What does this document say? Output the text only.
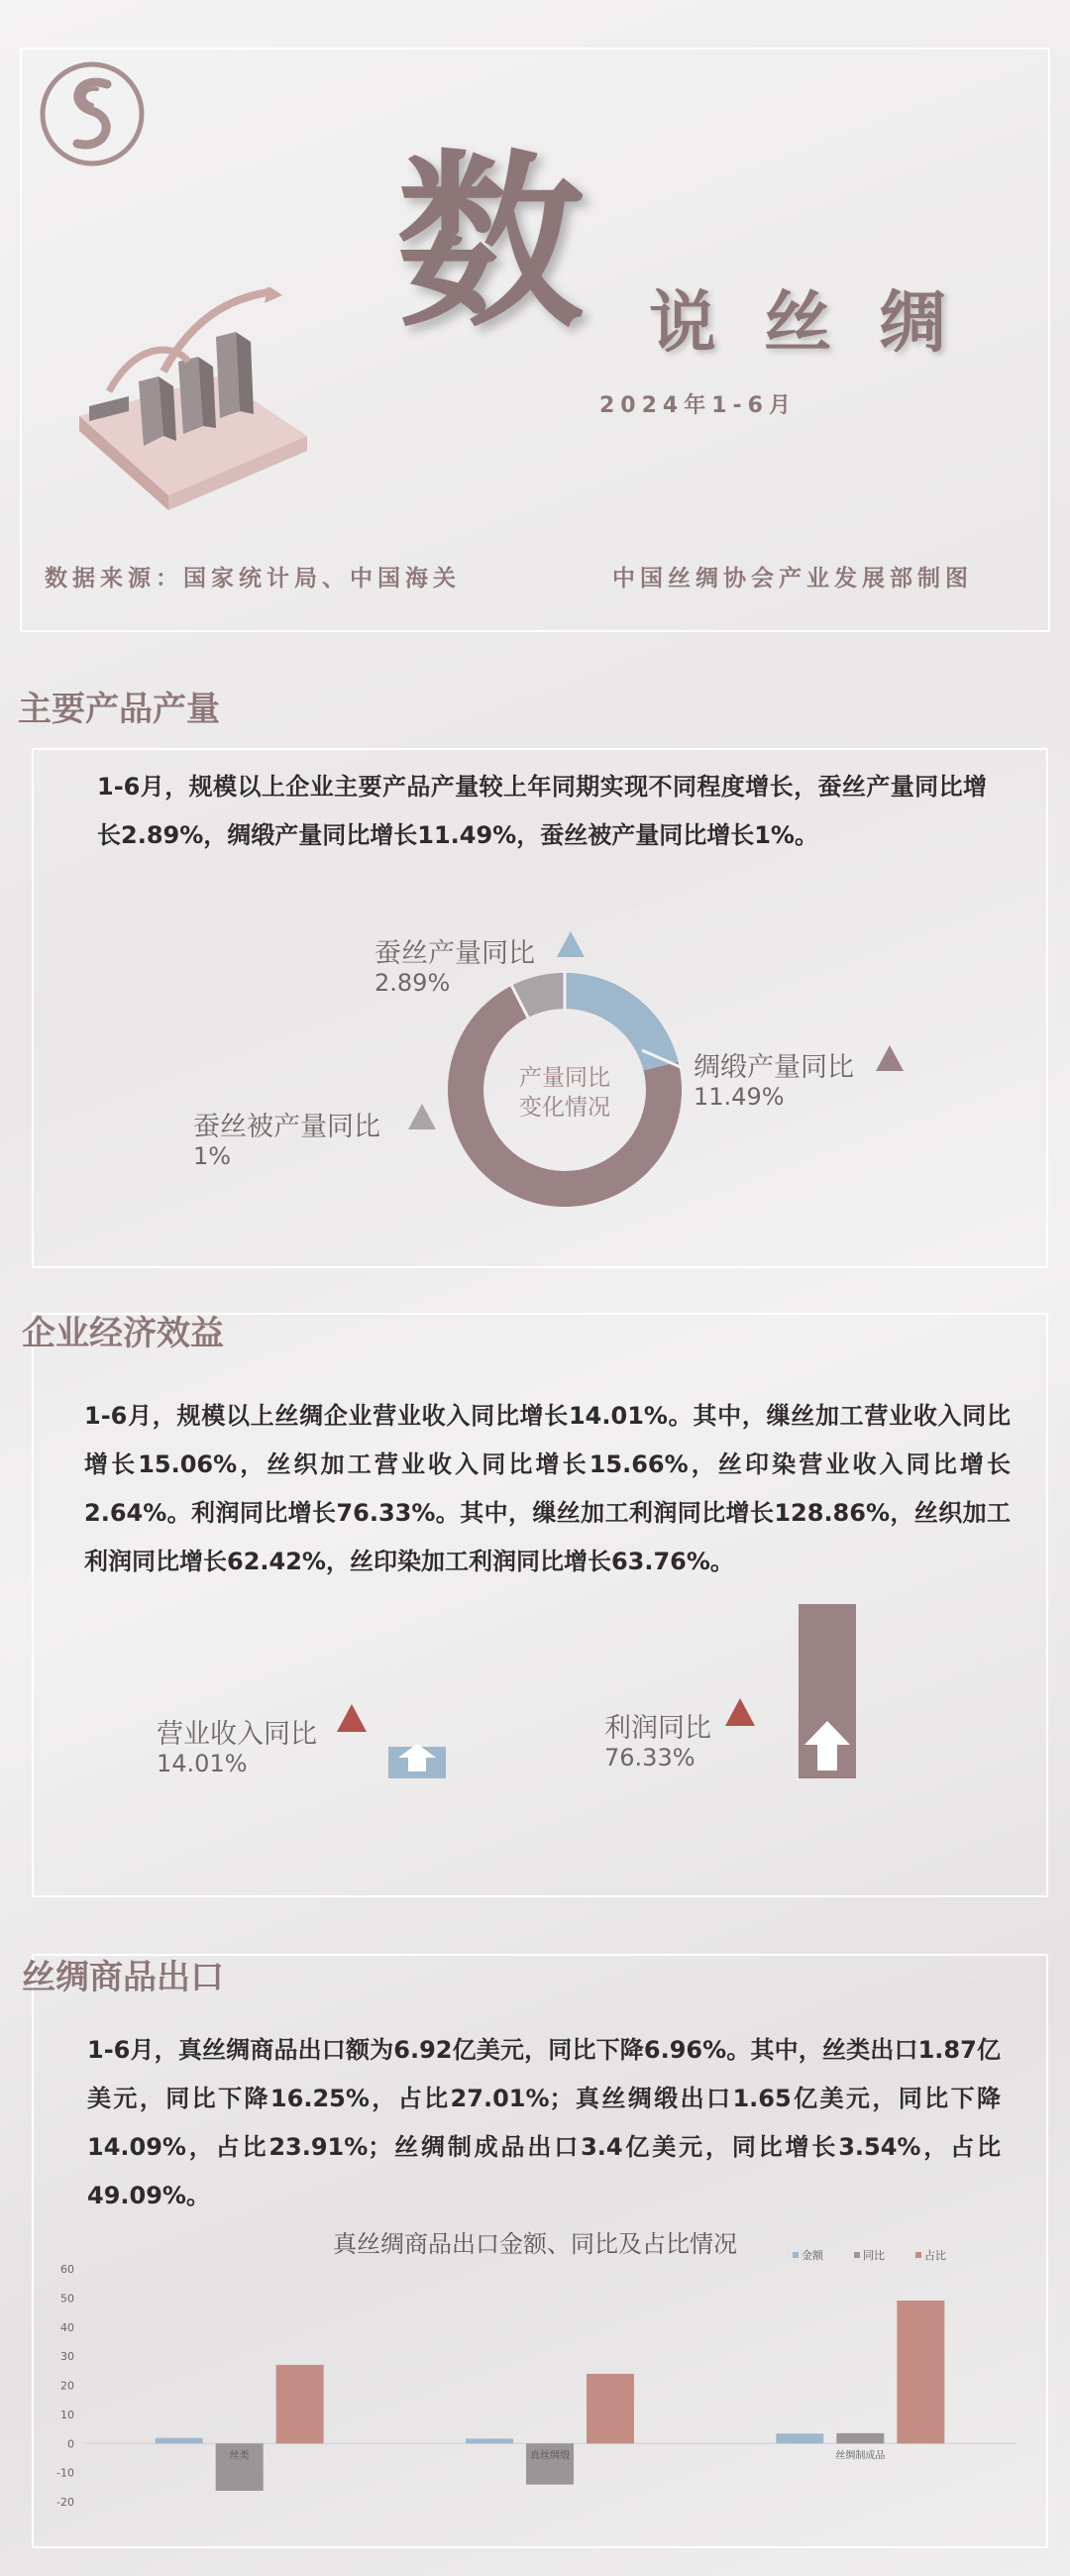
数 说丝绸
2024年1-6月
数据来源：国家统计局、中国海关	中国丝绸协会产业发展部制图
主要产品产量
1-6月，规模以上企业主要产品产量较上年同期实现不同程度增长，蚕丝产量同比增长2.89%，绸缎产量同比增长11.49%，蚕丝被产量同比增长1%。
产量同比
变化情况
蚕丝产量同比
2.89%
绸缎产量同比
11.49%
蚕丝被产量同比
1%
企业经济效益
1-6月，规模以上丝绸企业营业收入同比增长14.01%。其中，缫丝加工营业收入同比增长15.06%，丝织加工营业收入同比增长15.66%，丝印染营业收入同比增长2.64%。利润同比增长76.33%。其中，缫丝加工利润同比增长128.86%，丝织加工利润同比增长62.42%，丝印染加工利润同比增长63.76%。
营业收入同比
14.01%
利润同比
76.33%
丝绸商品出口
1-6月，真丝绸商品出口额为6.92亿美元，同比下降6.96%。其中，丝类出口1.87亿美元，同比下降16.25%，占比27.01%；真丝绸缎出口1.65亿美元，同比下降14.09%，占比23.91%；丝绸制成品出口3.4亿美元，同比增长3.54%，占比49.09%。
真丝绸商品出口金额、同比及占比情况
60
50
40
30
20
10
0
-10
-20
丝类	真丝绸缎	丝绸制成品
金额	同比	占比
